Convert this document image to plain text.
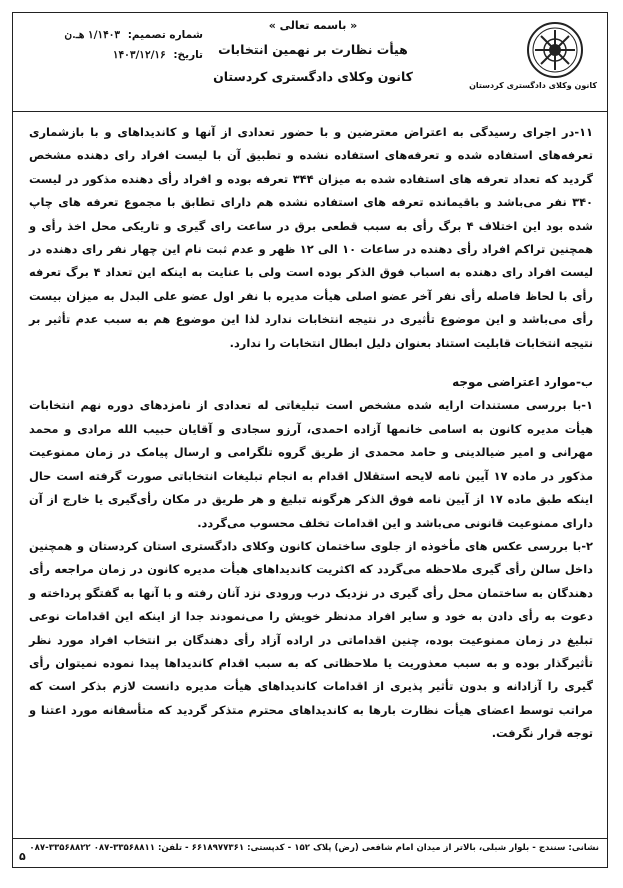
کانون وکلای دادگستری کردستان
« باسمه تعالی »
هیأت نظارت بر نهمین انتخابات
کانون وکلای دادگستری کردستان
شماره تصمیم: ۱/۱۴۰۳ هـ.ن
تاریخ: ۱۴۰۳/۱۲/۱۶

۱۱-در اجرای رسیدگی به اعتراض معترضین و با حضور تعدادی از آنها و کاندیداهای و با بازشماری تعرفه‌های استفاده شده و تعرفه‌های استفاده نشده و تطبیق آن با لیست افراد رای دهنده مشخص گردید که تعداد تعرفه های استفاده شده به میزان ۳۴۴ تعرفه بوده و افراد رأی دهنده مذکور در لیست ۳۴۰ نفر می‌باشد و باقیمانده تعرفه های استفاده نشده هم دارای تطابق با مجموع تعرفه های چاپ شده بود این اختلاف ۴ برگ رأی به سبب قطعی برق در ساعت رای گیری و تاریکی محل اخذ رأی و همچنین تراکم افراد رأی دهنده در ساعات ۱۰ الی ۱۲ ظهر و عدم ثبت نام این چهار نفر رای دهنده در لیست افراد رای دهنده به اسباب فوق الذکر بوده است ولی با عنایت به اینکه این تعداد ۴ برگ تعرفه رأی با لحاظ فاصله رأی نفر آخر عضو اصلی هیأت مدیره با نفر اول عضو علی البدل به میزان بیست رأی می‌باشد و این موضوع تأثیری در نتیجه انتخابات ندارد لذا این موضوع هم به سبب عدم تأثیر بر نتیجه انتخابات قابلیت استناد بعنوان دلیل ابطال انتخابات را ندارد.

ب-موارد اعتراضی موجه

۱-با بررسی مستندات ارایه شده مشخص است تبلیغاتی له تعدادی از نامزدهای دوره نهم انتخابات هیأت مدیره کانون به اسامی خانمها آزاده احمدی، آرزو سجادی و آقایان حبیب الله مرادی و محمد مهرانی و امیر ضیالدینی و حامد محمدی از طریق گروه تلگرامی و ارسال پیامک در زمان ممنوعیت مذکور در ماده ۱۷ آیین نامه لایحه استقلال اقدام به انجام تبلیغات انتخاباتی صورت گرفته است حال اینکه طبق ماده ۱۷ از آیین نامه فوق الذکر هرگونه تبلیغ و هر طریق در مکان رأی‌گیری یا خارج از آن دارای ممنوعیت قانونی می‌باشد و این اقدامات تخلف محسوب می‌گردد.

۲-با بررسی عکس های مأخوذه از جلوی ساختمان کانون وکلای دادگستری استان کردستان و همچنین داخل سالن رأی گیری ملاحظه می‌گردد که اکثریت کاندیداهای هیأت مدیره کانون در زمان مراجعه رأی دهندگان به ساختمان محل رأی گیری در نزدیک درب ورودی نزد آنان رفته و با آنها به گفتگو پرداخته و دعوت به رأی دادن به خود و سایر افراد مدنظر خویش را می‌نمودند جدا از اینکه این اقدامات نوعی تبلیغ در زمان ممنوعیت بوده، چنین اقداماتی در اراده آزاد رأی دهندگان بر انتخاب افراد مورد نظر تأثیرگذار بوده و به سبب معذوریت یا ملاحظاتی که به سبب اقدام کاندیداها پیدا نموده نمیتوان رأی گیری را آزادانه و بدون تأثیر پذیری از اقدامات کاندیداهای هیأت مدیره دانست لازم بذکر است که مراتب توسط اعضای هیأت نظارت بارها به کاندیداهای محترم متذکر گردید که متأسفانه مورد اعتنا و توجه قرار نگرفت.

نشانی: سنندج - بلوار شبلی، بالاتر از میدان امام شافعی (رض) پلاک ۱۵۲ - کدپستی: ۶۶۱۸۹۷۷۳۶۱ - تلفن: ۳۳۵۶۸۸۱۱-۰۸۷ ۳۳۵۶۸۸۲۲-۰۸۷
۵
